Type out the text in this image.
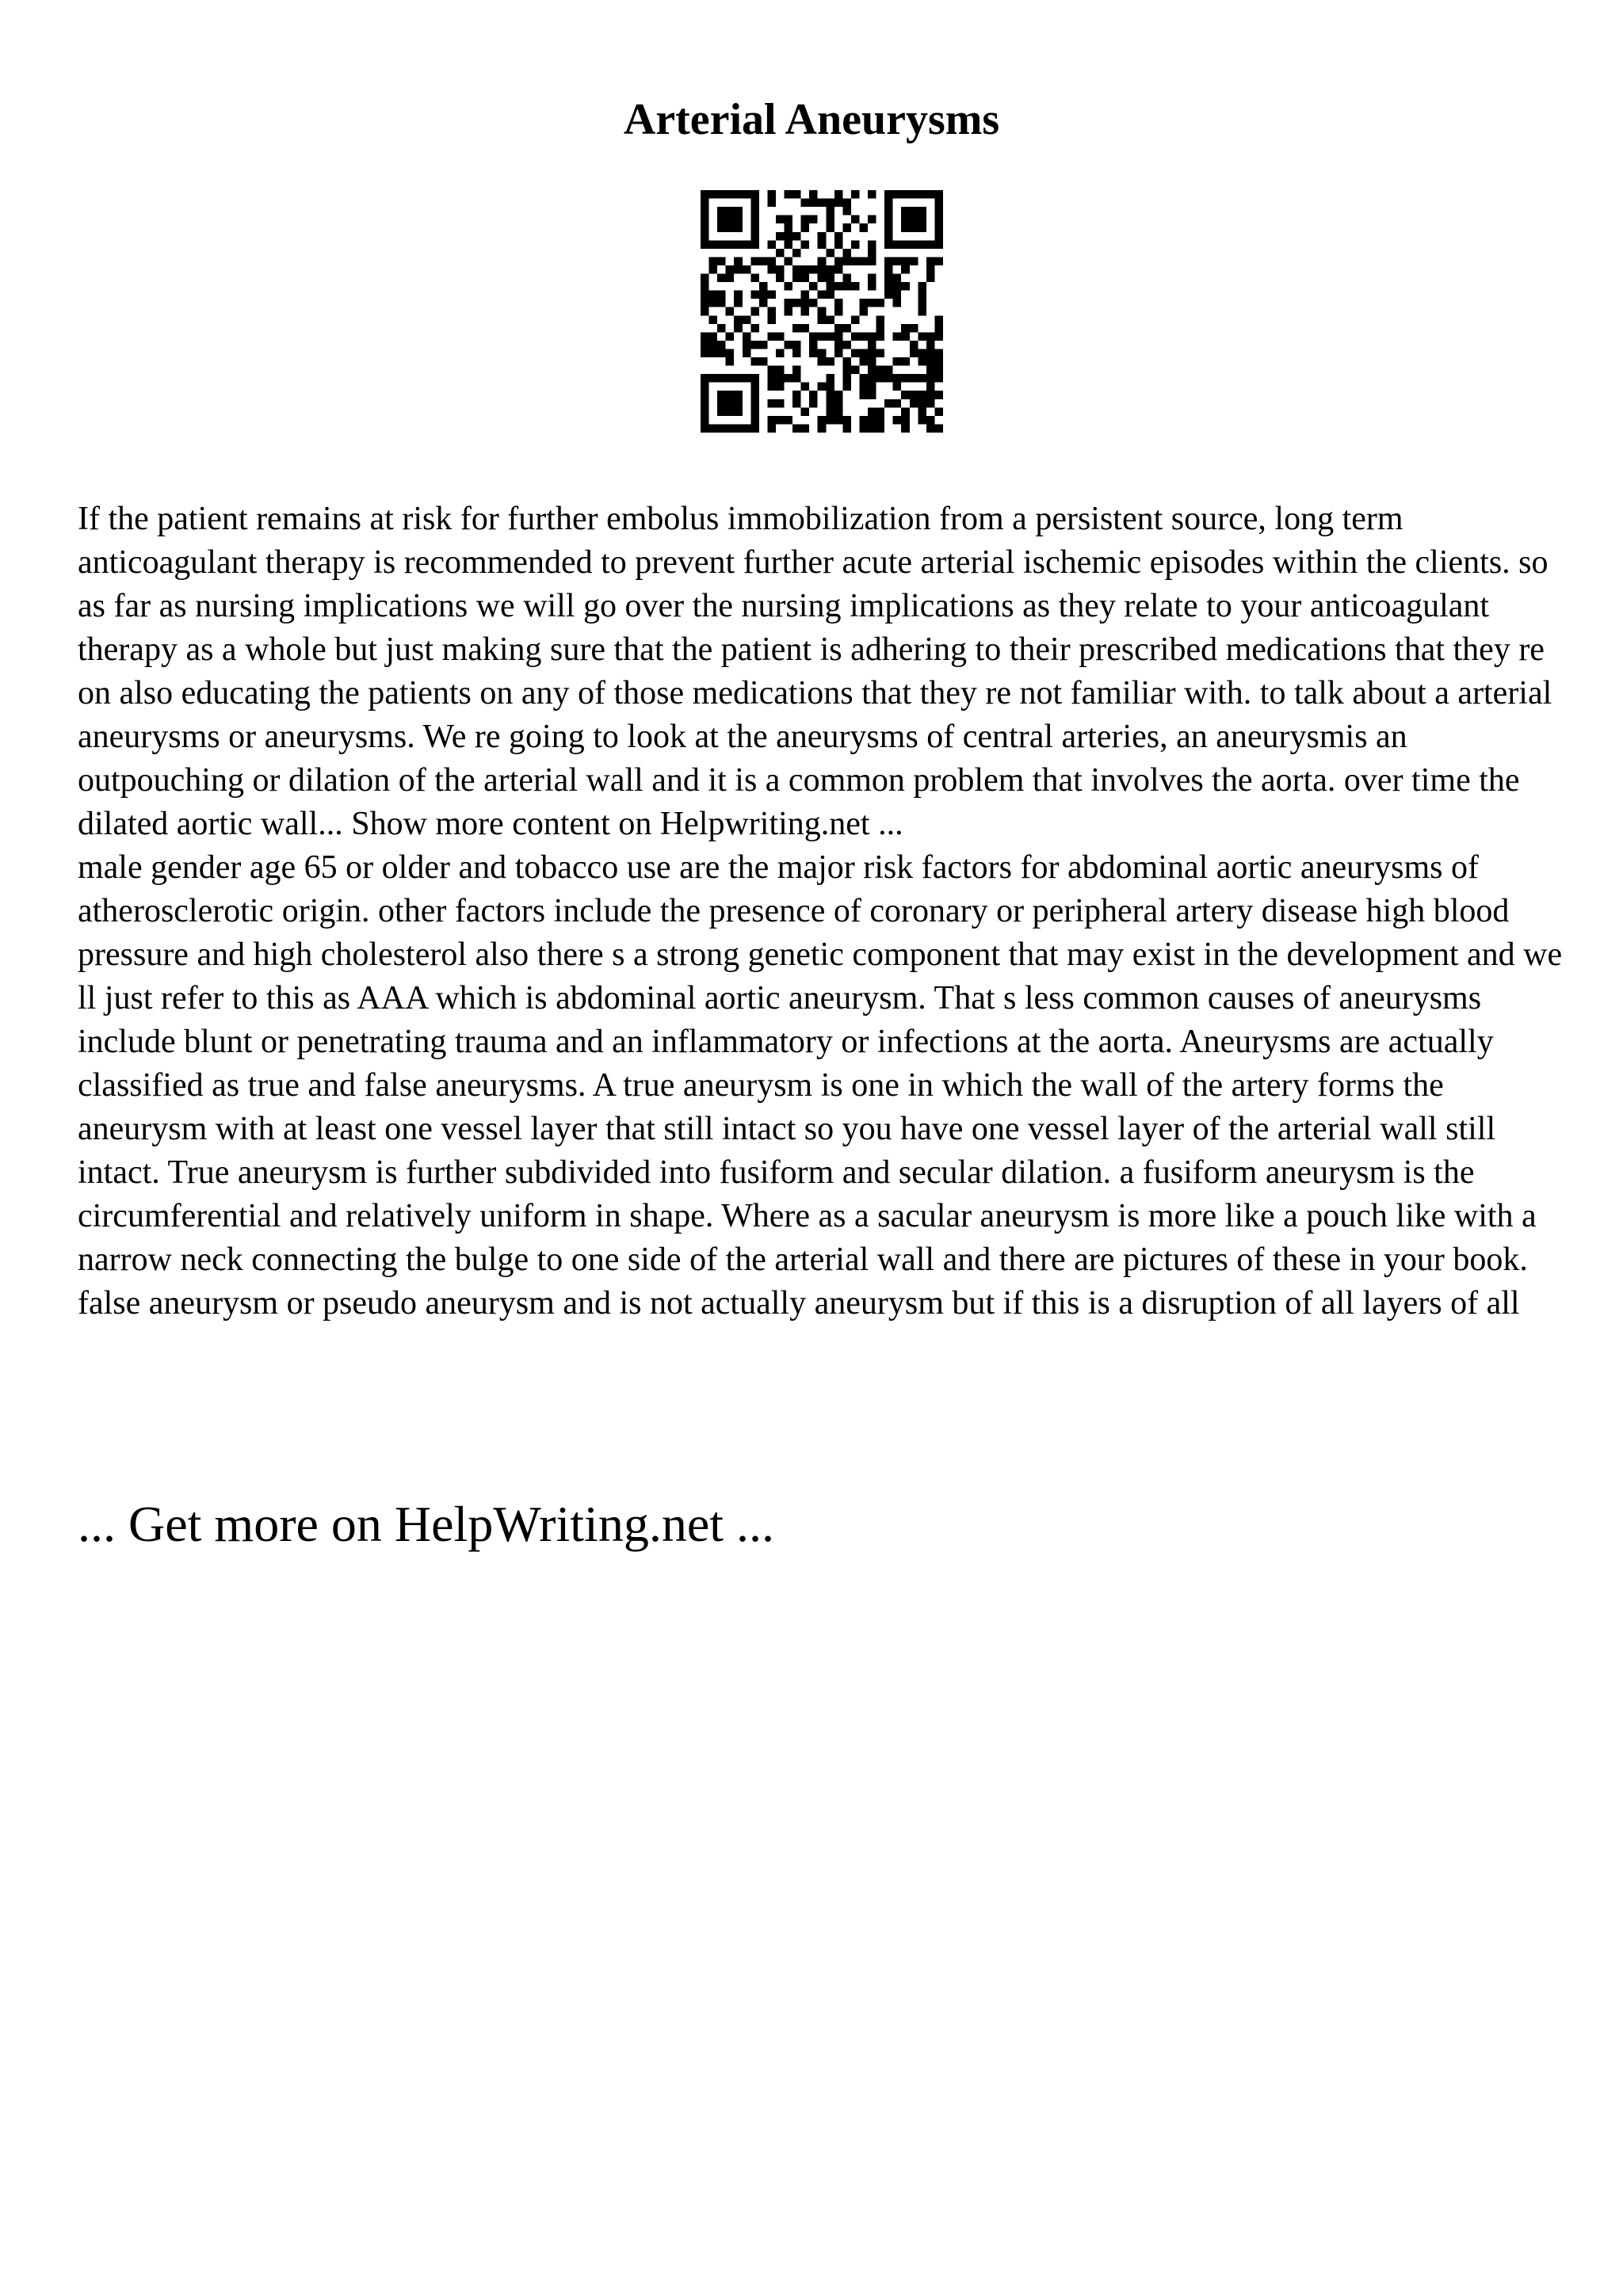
Arterial Aneurysms

If the patient remains at risk for further embolus immobilization from a persistent source, long term anticoagulant therapy is recommended to prevent further acute arterial ischemic episodes within the clients. so as far as nursing implications we will go over the nursing implications as they relate to your anticoagulant therapy as a whole but just making sure that the patient is adhering to their prescribed medications that they re on also educating the patients on any of those medications that they re not familiar with. to talk about a arterial aneurysms or aneurysms. We re going to look at the aneurysms of central arteries, an aneurysmis an outpouching or dilation of the arterial wall and it is a common problem that involves the aorta. over time the dilated aortic wall... Show more content on Helpwriting.net ...

male gender age 65 or older and tobacco use are the major risk factors for abdominal aortic aneurysms of atherosclerotic origin. other factors include the presence of coronary or peripheral artery disease high blood pressure and high cholesterol also there s a strong genetic component that may exist in the development and we ll just refer to this as AAA which is abdominal aortic aneurysm. That s less common causes of aneurysms include blunt or penetrating trauma and an inflammatory or infections at the aorta. Aneurysms are actually classified as true and false aneurysms. A true aneurysm is one in which the wall of the artery forms the aneurysm with at least one vessel layer that still intact so you have one vessel layer of the arterial wall still intact. True aneurysm is further subdivided into fusiform and secular dilation. a fusiform aneurysm is the circumferential and relatively uniform in shape. Where as a sacular aneurysm is more like a pouch like with a narrow neck connecting the bulge to one side of the arterial wall and there are pictures of these in your book. false aneurysm or pseudo aneurysm and is not actually aneurysm but if this is a disruption of all layers of all

... Get more on HelpWriting.net ...
